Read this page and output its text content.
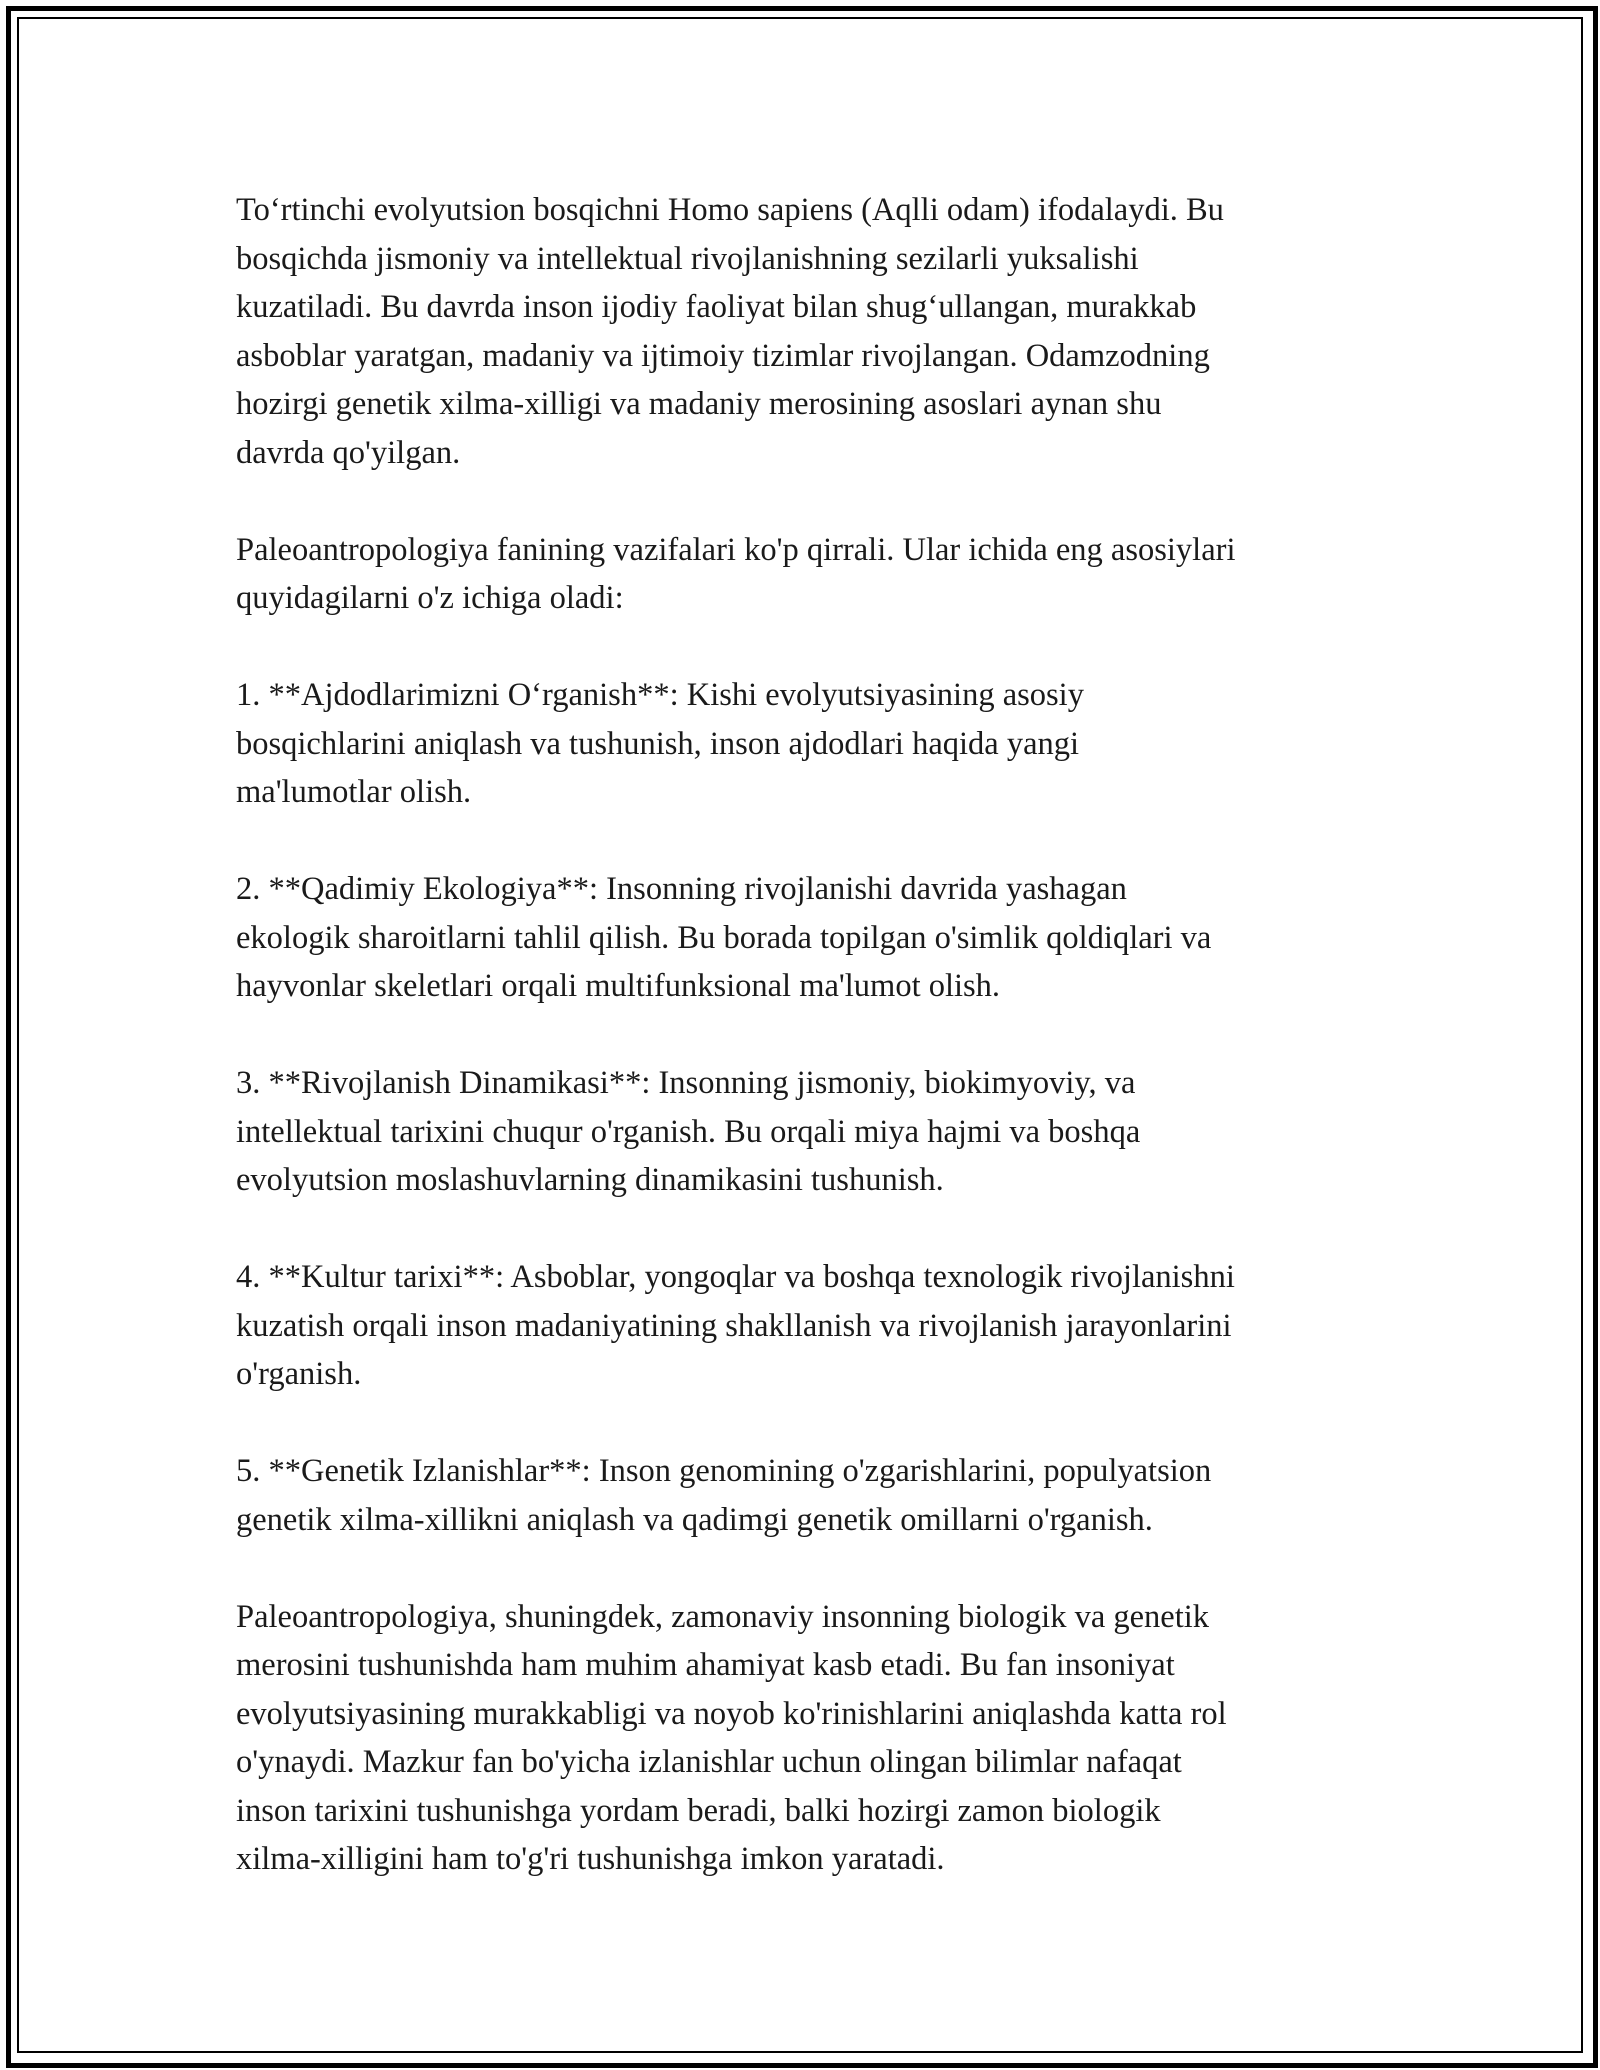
To‘rtinchi evolyutsion bosqichni Homo sapiens (Aqlli odam) ifodalaydi. Bu
bosqichda jismoniy va intellektual rivojlanishning sezilarli yuksalishi
kuzatiladi. Bu davrda inson ijodiy faoliyat bilan shug‘ullangan, murakkab
asboblar yaratgan, madaniy va ijtimoiy tizimlar rivojlangan. Odamzodning
hozirgi genetik xilma-xilligi va madaniy merosining asoslari aynan shu
davrda qo'yilgan.

Paleoantropologiya fanining vazifalari ko'p qirrali. Ular ichida eng asosiylari
quyidagilarni o'z ichiga oladi:

1. **Ajdodlarimizni O‘rganish**: Kishi evolyutsiyasining asosiy
bosqichlarini aniqlash va tushunish, inson ajdodlari haqida yangi
ma'lumotlar olish.

2. **Qadimiy Ekologiya**: Insonning rivojlanishi davrida yashagan
ekologik sharoitlarni tahlil qilish. Bu borada topilgan o'simlik qoldiqlari va
hayvonlar skeletlari orqali multifunksional ma'lumot olish.

3. **Rivojlanish Dinamikasi**: Insonning jismoniy, biokimyoviy, va
intellektual tarixini chuqur o'rganish. Bu orqali miya hajmi va boshqa
evolyutsion moslashuvlarning dinamikasini tushunish.

4. **Kultur tarixi**: Asboblar, yongoqlar va boshqa texnologik rivojlanishni
kuzatish orqali inson madaniyatining shakllanish va rivojlanish jarayonlarini
o'rganish.

5. **Genetik Izlanishlar**: Inson genomining o'zgarishlarini, populyatsion
genetik xilma-xillikni aniqlash va qadimgi genetik omillarni o'rganish.

Paleoantropologiya, shuningdek, zamonaviy insonning biologik va genetik
merosini tushunishda ham muhim ahamiyat kasb etadi. Bu fan insoniyat
evolyutsiyasining murakkabligi va noyob ko'rinishlarini aniqlashda katta rol
o'ynaydi. Mazkur fan bo'yicha izlanishlar uchun olingan bilimlar nafaqat
inson tarixini tushunishga yordam beradi, balki hozirgi zamon biologik
xilma-xilligini ham to'g'ri tushunishga imkon yaratadi.
